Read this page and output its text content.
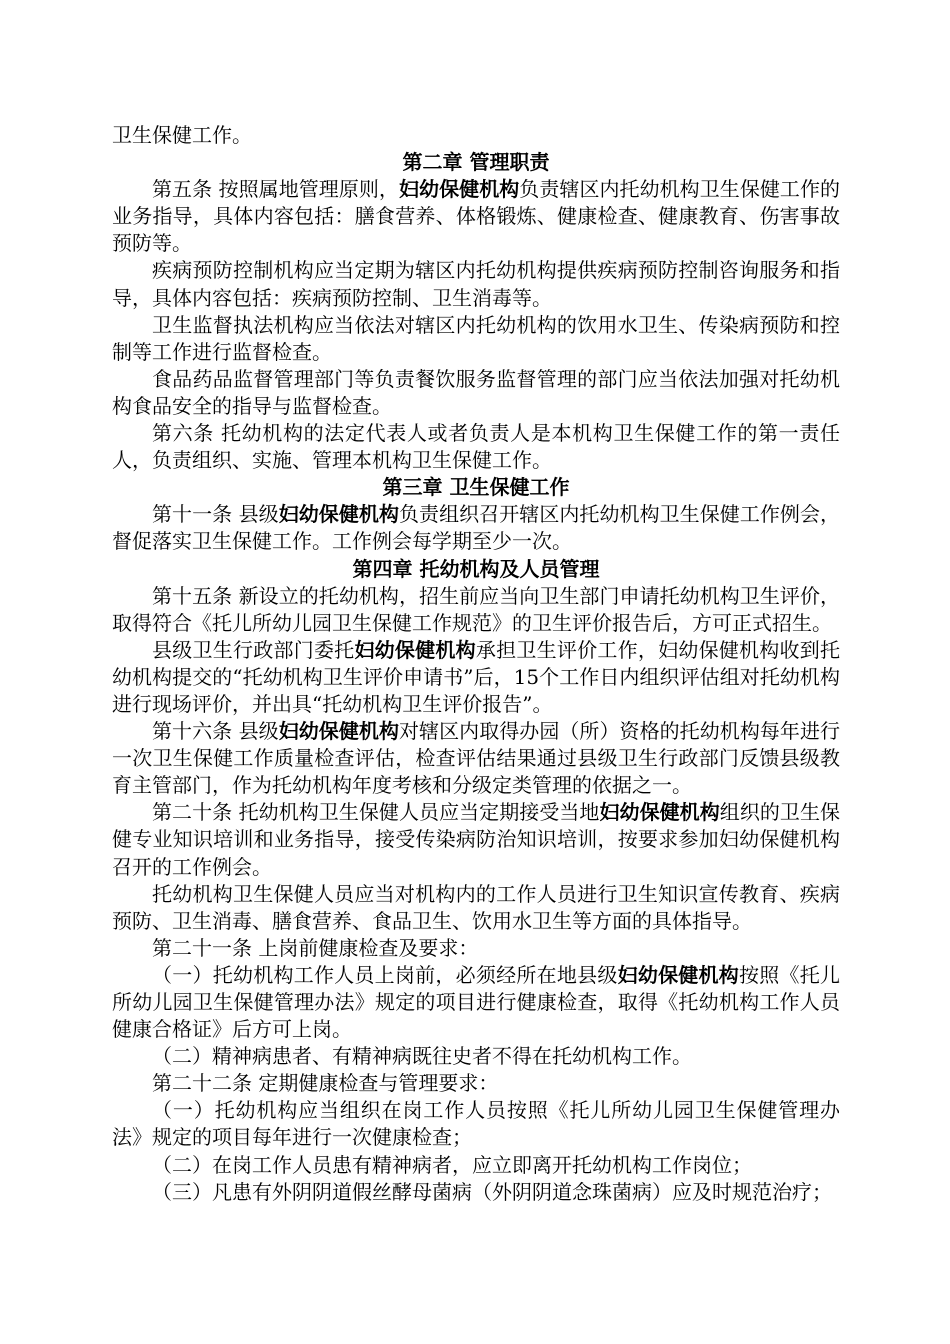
卫生保健工作。

第二章 管理职责

第五条 按照属地管理原则，妇幼保健机构负责辖区内托幼机构卫生保健工作的业务指导，具体内容包括：膳食营养、体格锻炼、健康检查、健康教育、伤害事故预防等。

疾病预防控制机构应当定期为辖区内托幼机构提供疾病预防控制咨询服务和指导，具体内容包括：疾病预防控制、卫生消毒等。

卫生监督执法机构应当依法对辖区内托幼机构的饮用水卫生、传染病预防和控制等工作进行监督检查。

食品药品监督管理部门等负责餐饮服务监督管理的部门应当依法加强对托幼机构食品安全的指导与监督检查。

第六条 托幼机构的法定代表人或者负责人是本机构卫生保健工作的第一责任人，负责组织、实施、管理本机构卫生保健工作。

第三章 卫生保健工作

第十一条 县级妇幼保健机构负责组织召开辖区内托幼机构卫生保健工作例会，督促落实卫生保健工作。工作例会每学期至少一次。

第四章 托幼机构及人员管理

第十五条 新设立的托幼机构，招生前应当向卫生部门申请托幼机构卫生评价，取得符合《托儿所幼儿园卫生保健工作规范》的卫生评价报告后，方可正式招生。

县级卫生行政部门委托妇幼保健机构承担卫生评价工作，妇幼保健机构收到托幼机构提交的“托幼机构卫生评价申请书”后，15个工作日内组织评估组对托幼机构进行现场评价，并出具“托幼机构卫生评价报告”。

第十六条 县级妇幼保健机构对辖区内取得办园（所）资格的托幼机构每年进行一次卫生保健工作质量检查评估，检查评估结果通过县级卫生行政部门反馈县级教育主管部门，作为托幼机构年度考核和分级定类管理的依据之一。

第二十条 托幼机构卫生保健人员应当定期接受当地妇幼保健机构组织的卫生保健专业知识培训和业务指导，接受传染病防治知识培训，按要求参加妇幼保健机构召开的工作例会。

托幼机构卫生保健人员应当对机构内的工作人员进行卫生知识宣传教育、疾病预防、卫生消毒、膳食营养、食品卫生、饮用水卫生等方面的具体指导。

第二十一条 上岗前健康检查及要求：

（一）托幼机构工作人员上岗前，必须经所在地县级妇幼保健机构按照《托儿所幼儿园卫生保健管理办法》规定的项目进行健康检查，取得《托幼机构工作人员健康合格证》后方可上岗。

（二）精神病患者、有精神病既往史者不得在托幼机构工作。

第二十二条 定期健康检查与管理要求：

（一）托幼机构应当组织在岗工作人员按照《托儿所幼儿园卫生保健管理办法》规定的项目每年进行一次健康检查；

（二）在岗工作人员患有精神病者，应立即离开托幼机构工作岗位；

（三）凡患有外阴阴道假丝酵母菌病（外阴阴道念珠菌病）应及时规范治疗；
